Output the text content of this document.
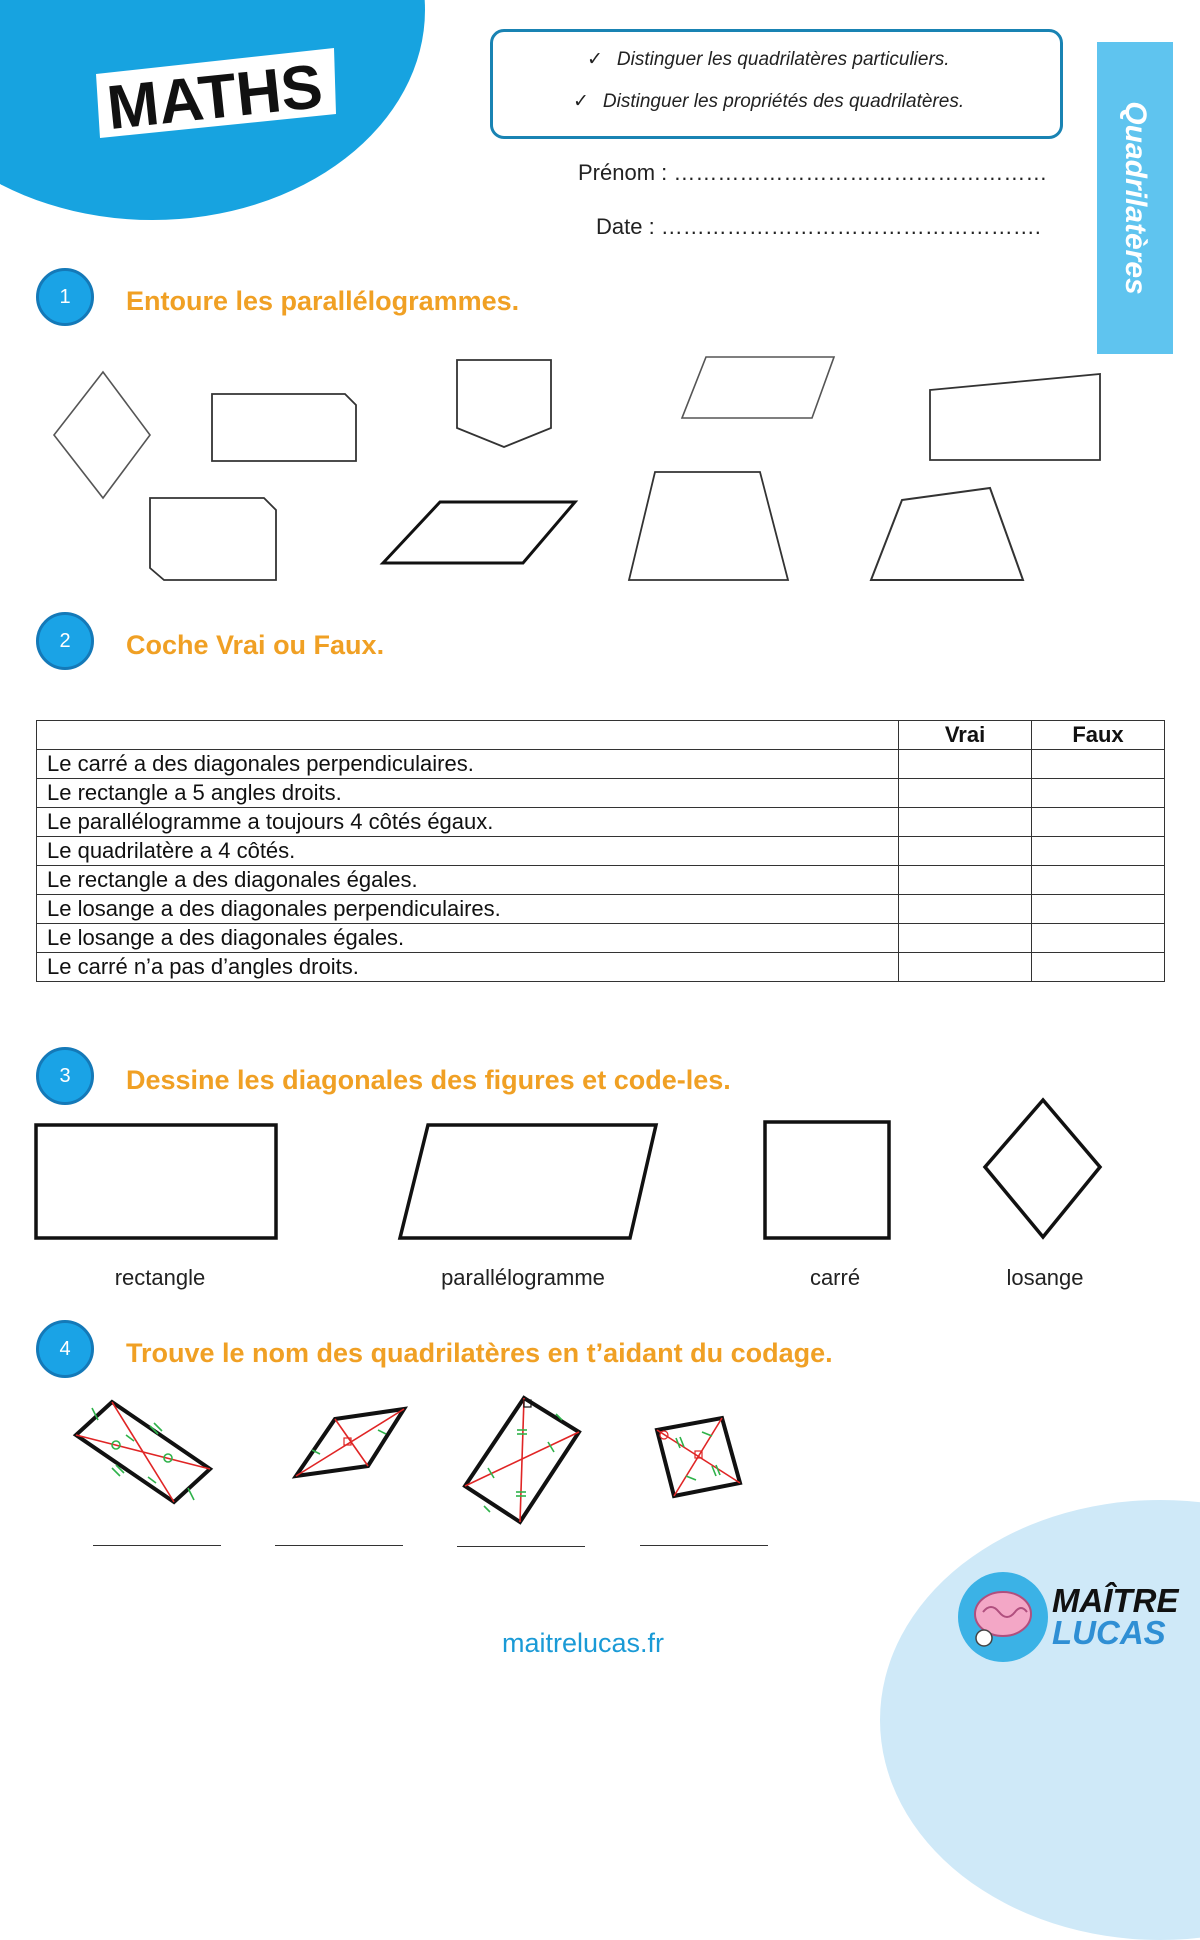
MATHS	✓ Distinguer les quadrilatères particuliers.
✓ Distinguer les propriétés des quadrilatères.
Prénom : ……………………………………………
Date : …………………………………………….	Quadrilatères
1	Entoure les parallélogrammes.
2	Coche Vrai ou Faux.
	Vrai	Faux
Le carré a des diagonales perpendiculaires.		
Le rectangle a 5 angles droits.		
Le parallélogramme a toujours 4 côtés égaux.		
Le quadrilatère a 4 côtés.		
Le rectangle a des diagonales égales.		
Le losange a des diagonales perpendiculaires.		
Le losange a des diagonales égales.		
Le carré n’a pas d’angles droits.		
3	Dessine les diagonales des figures et code-les.
rectangle	parallélogramme	carré	losange
4	Trouve le nom des quadrilatères en t’aidant du codage.
MAÎTRE
LUCAS
maitrelucas.fr
